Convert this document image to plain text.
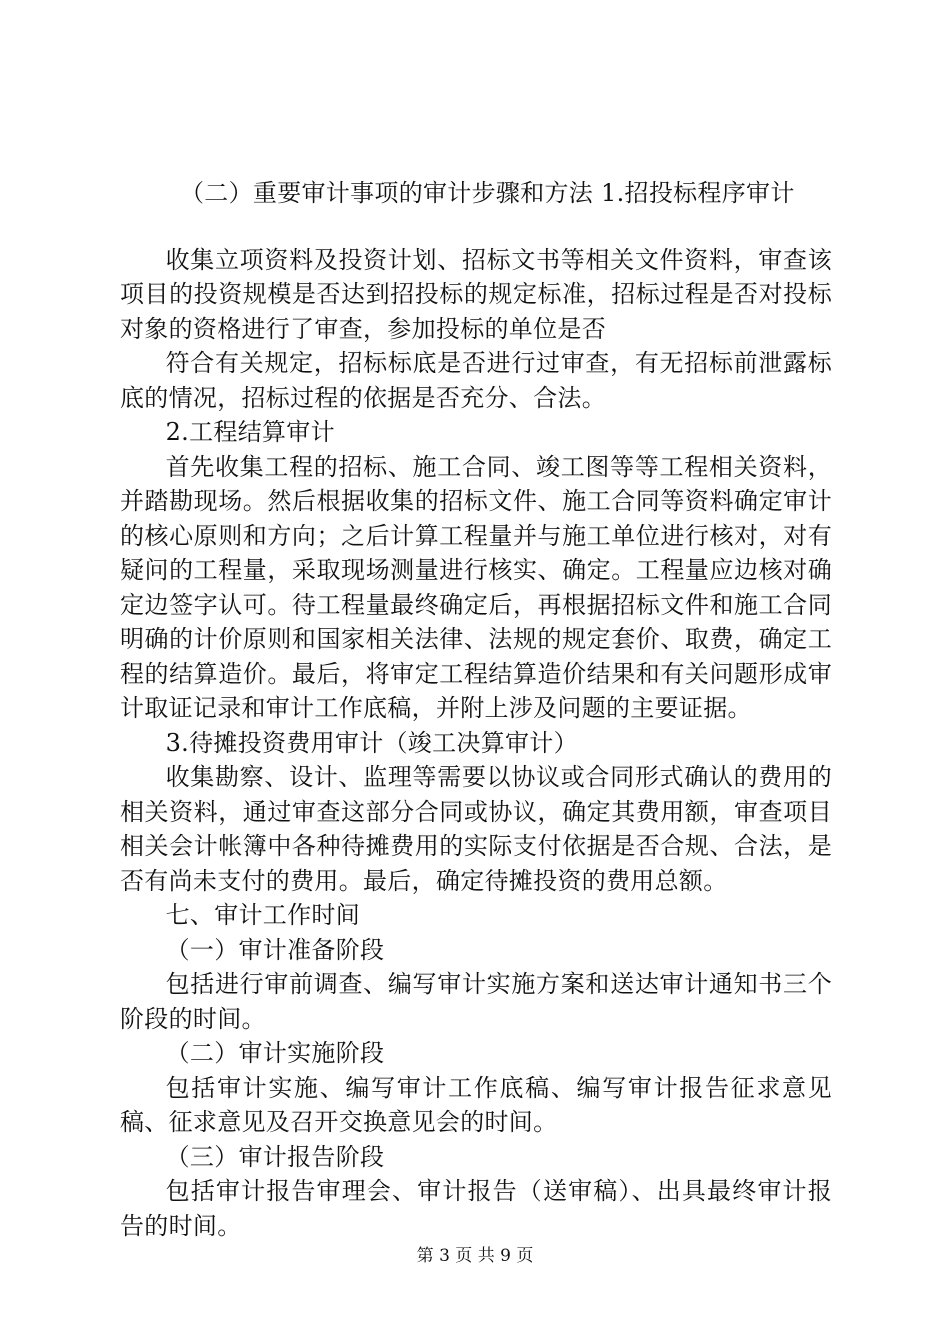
（二）重要审计事项的审计步骤和方法 1.招投标程序审计

收集立项资料及投资计划、招标文书等相关文件资料，审查该项目的投资规模是否达到招投标的规定标准，招标过程是否对投标对象的资格进行了审查，参加投标的单位是否

符合有关规定，招标标底是否进行过审查，有无招标前泄露标底的情况，招标过程的依据是否充分、合法。

2.工程结算审计

首先收集工程的招标、施工合同、竣工图等等工程相关资料，并踏勘现场。然后根据收集的招标文件、施工合同等资料确定审计的核心原则和方向；之后计算工程量并与施工单位进行核对，对有疑问的工程量，采取现场测量进行核实、确定。工程量应边核对确定边签字认可。待工程量最终确定后，再根据招标文件和施工合同明确的计价原则和国家相关法律、法规的规定套价、取费，确定工程的结算造价。最后，将审定工程结算造价结果和有关问题形成审计取证记录和审计工作底稿，并附上涉及问题的主要证据。

3.待摊投资费用审计（竣工决算审计）

收集勘察、设计、监理等需要以协议或合同形式确认的费用的相关资料，通过审查这部分合同或协议，确定其费用额，审查项目相关会计帐簿中各种待摊费用的实际支付依据是否合规、合法，是否有尚未支付的费用。最后，确定待摊投资的费用总额。

七、审计工作时间

（一）审计准备阶段

包括进行审前调查、编写审计实施方案和送达审计通知书三个阶段的时间。

（二）审计实施阶段

包括审计实施、编写审计工作底稿、编写审计报告征求意见稿、征求意见及召开交换意见会的时间。

（三）审计报告阶段

包括审计报告审理会、审计报告（送审稿）、出具最终审计报告的时间。

第 3 页 共 9 页
